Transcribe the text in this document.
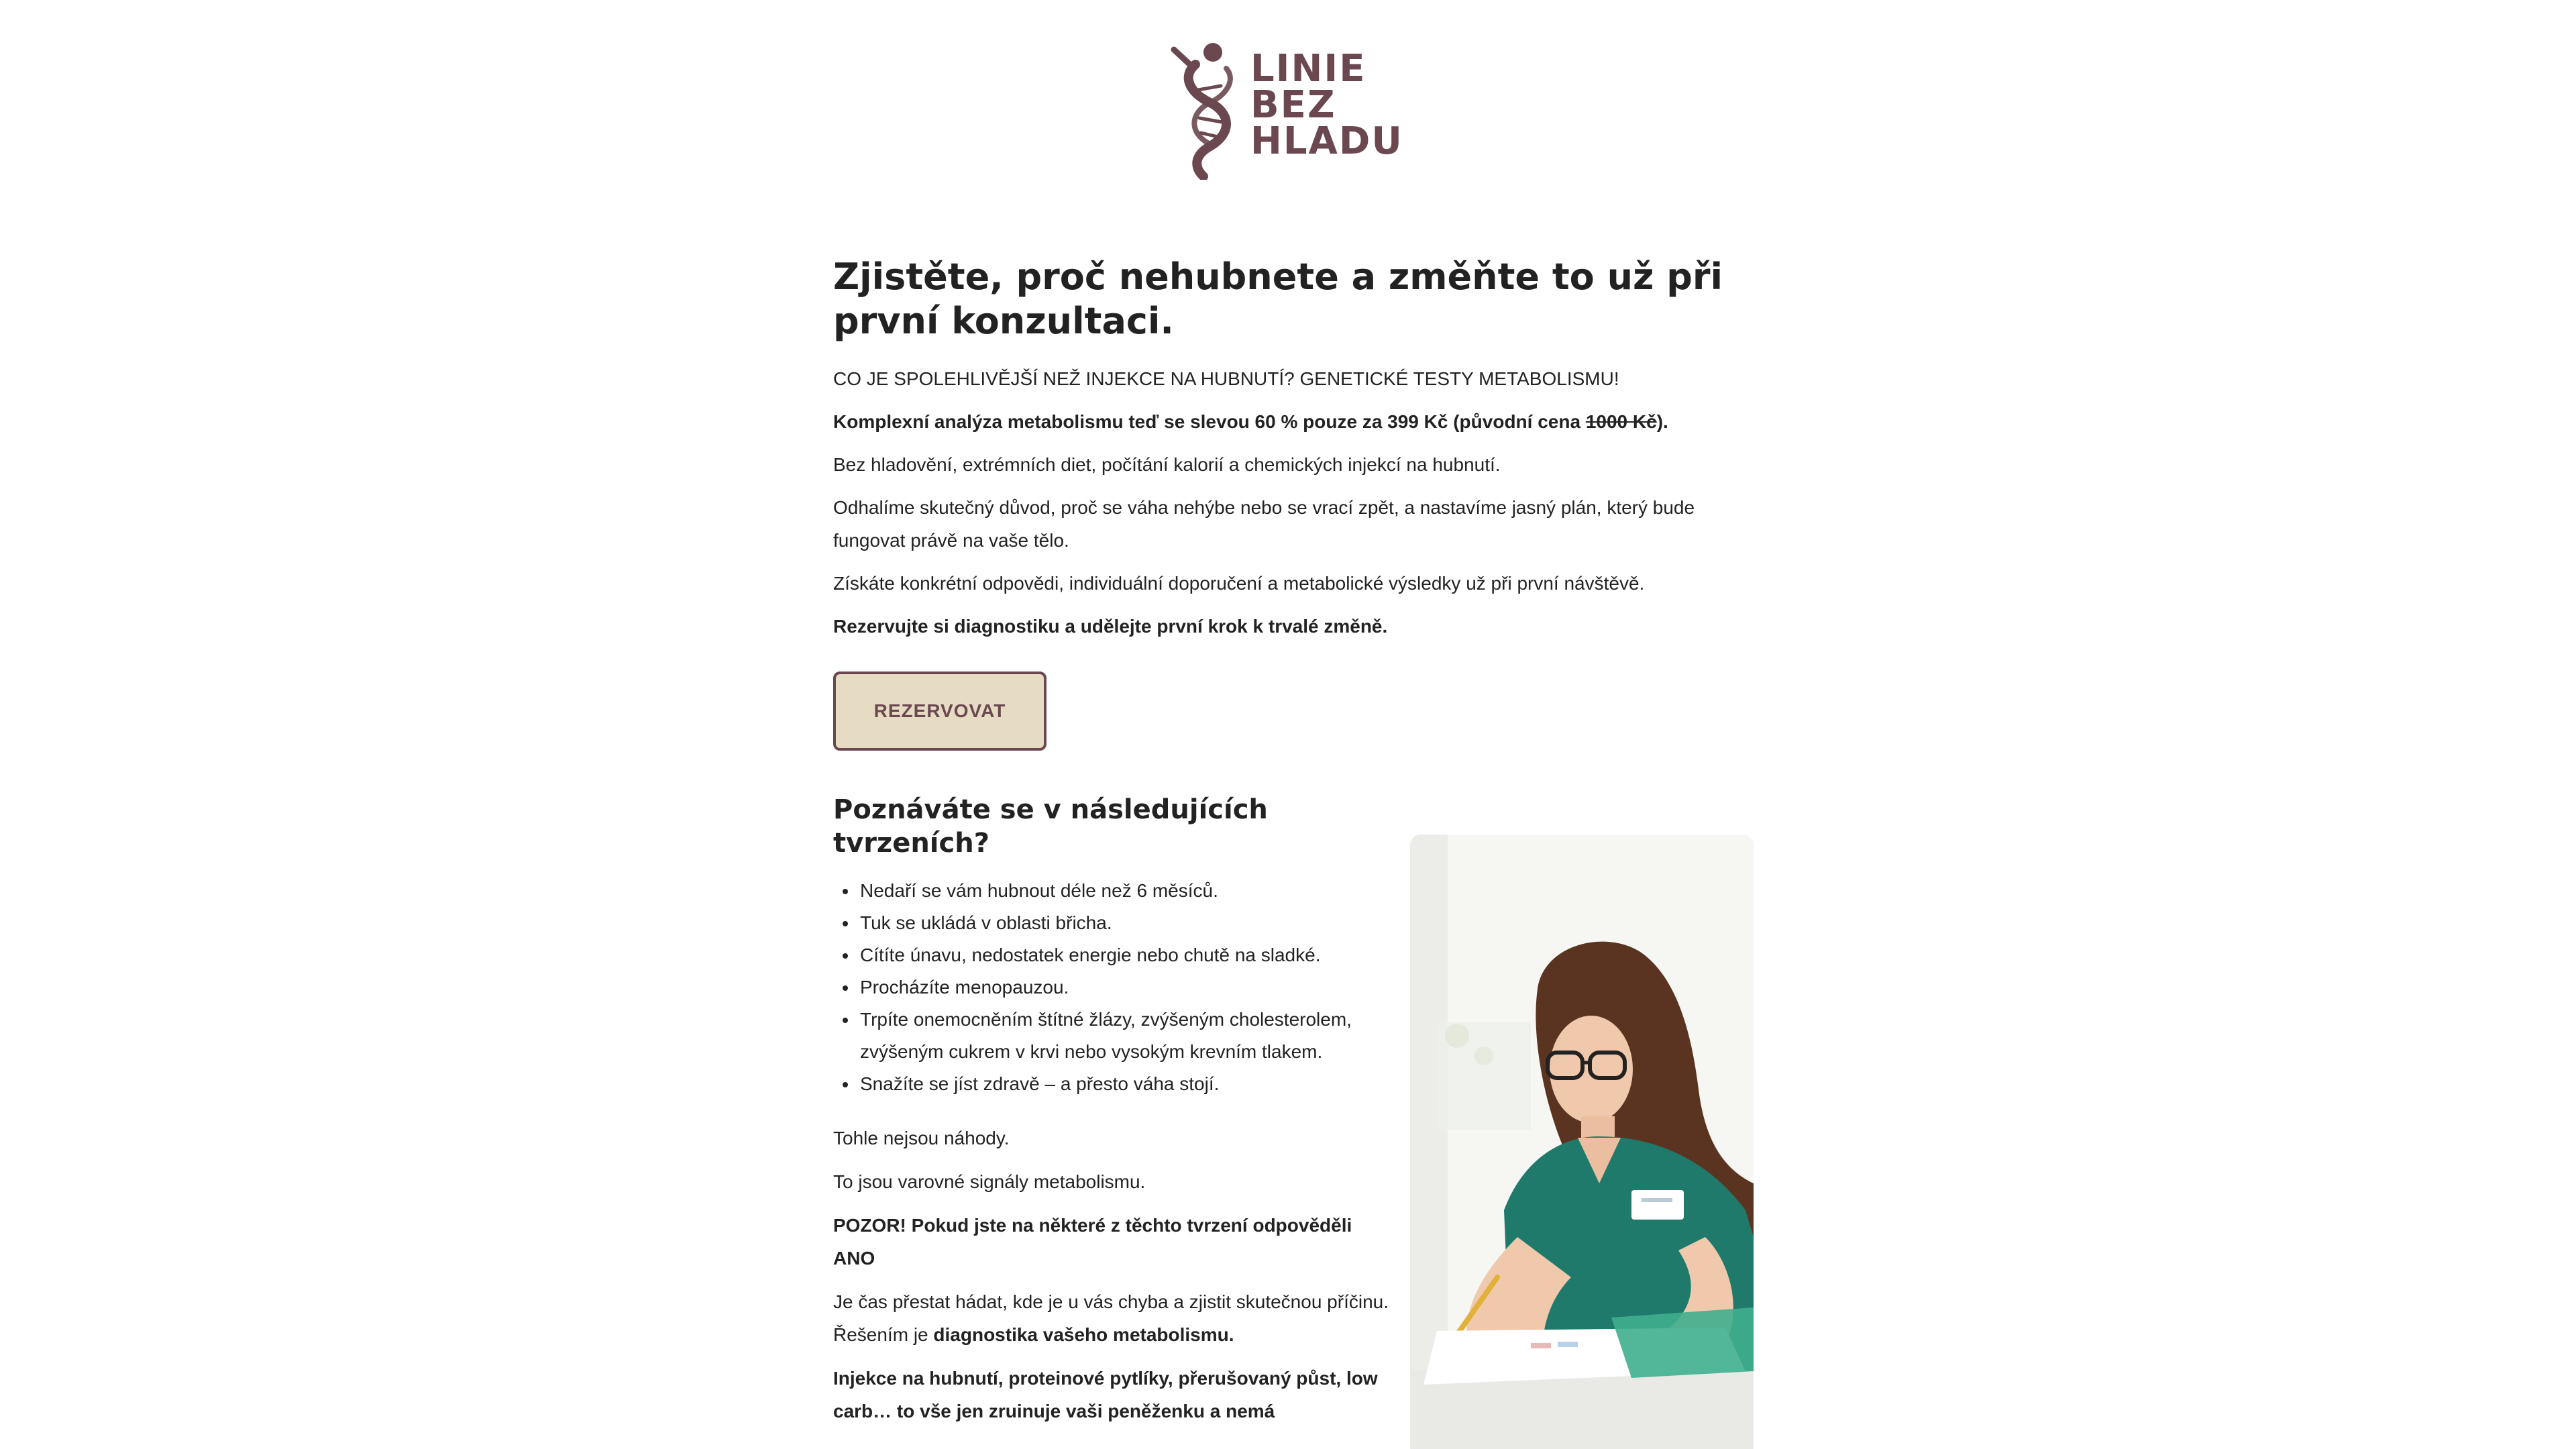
LINIE
BEZ
HLADU
Zjistěte, proč nehubnete a změňte to už při první konzultaci.

CO JE SPOLEHLIVĚJŠÍ NEŽ INJEKCE NA HUBNUTÍ? GENETICKÉ TESTY METABOLISMU!

Komplexní analýza metabolismu teď se slevou 60 % pouze za 399 Kč (původní cena 1000 Kč).

Bez hladovění, extrémních diet, počítání kalorií a chemických injekcí na hubnutí.

Odhalíme skutečný důvod, proč se váha nehýbe nebo se vrací zpět, a nastavíme jasný plán, který bude fungovat právě na vaše tělo.

Získáte konkrétní odpovědi, individuální doporučení a metabolické výsledky už při první návštěvě.

Rezervujte si diagnostiku a udělejte první krok k trvalé změně.

REZERVOVAT
Poznáváte se v následujících tvrzeních?
Nedaří se vám hubnout déle než 6 měsíců.
Tuk se ukládá v oblasti břicha.
Cítíte únavu, nedostatek energie nebo chutě na sladké.
Procházíte menopauzou.
Trpíte onemocněním štítné žlázy, zvýšeným cholesterolem, zvýšeným cukrem v krvi nebo vysokým krevním tlakem.
Snažíte se jíst zdravě – a přesto váha stojí.

Tohle nejsou náhody.

To jsou varovné signály metabolismu.

POZOR! Pokud jste na některé z těchto tvrzení odpověděli ANO

Je čas přestat hádat, kde je u vás chyba a zjistit skutečnou příčinu. Řešením je diagnostika vašeho metabolismu.

Injekce na hubnutí, proteinové pytlíky, přerušovaný půst, low carb… to vše jen zruinuje vaši peněženku a nemá
